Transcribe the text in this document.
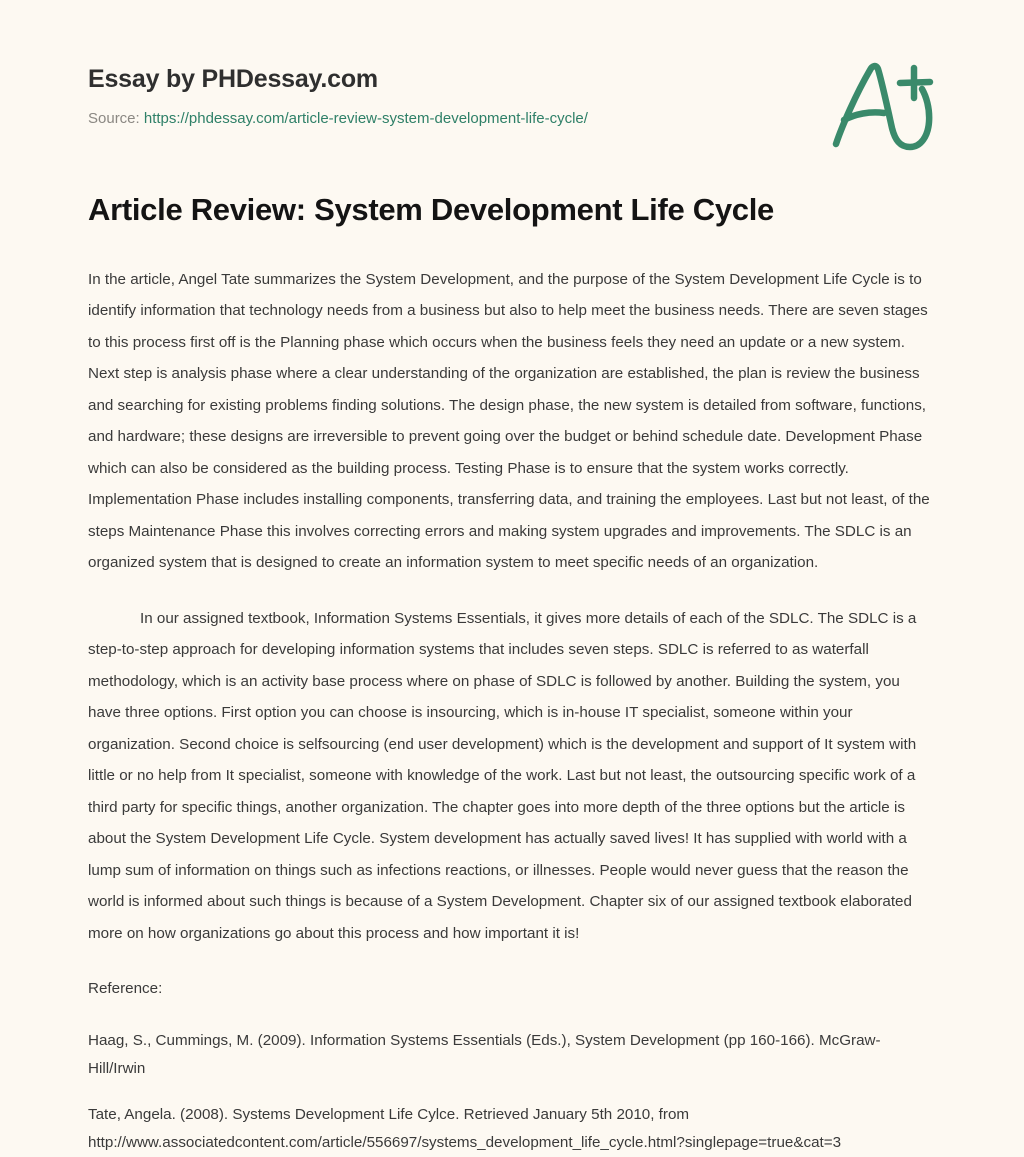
Essay by PHDessay.com
Source: https://phdessay.com/article-review-system-development-life-cycle/
Article Review: System Development Life Cycle

In the article, Angel Tate summarizes the System Development, and the purpose of the System Development Life Cycle is to identify information that technology needs from a business but also to help meet the business needs. There are seven stages to this process first off is the Planning phase which occurs when the business feels they need an update or a new system. Next step is analysis phase where a clear understanding of the organization are established, the plan is review the business and searching for existing problems finding solutions. The design phase, the new system is detailed from software, functions, and hardware; these designs are irreversible to prevent going over the budget or behind schedule date. Development Phase which can also be considered as the building process. Testing Phase is to ensure that the system works correctly. Implementation Phase includes installing components, transferring data, and training the employees. Last but not least, of the steps Maintenance Phase this involves correcting errors and making system upgrades and improvements. The SDLC is an organized system that is designed to create an information system to meet specific needs of an organization.

In our assigned textbook, Information Systems Essentials, it gives more details of each of the SDLC. The SDLC is a step-to-step approach for developing information systems that includes seven steps. SDLC is referred to as waterfall methodology, which is an activity base process where on phase of SDLC is followed by another. Building the system, you have three options. First option you can choose is insourcing, which is in-house IT specialist, someone within your organization. Second choice is selfsourcing (end user development) which is the development and support of It system with little or no help from It specialist, someone with knowledge of the work. Last but not least, the outsourcing specific work of a third party for specific things, another organization. The chapter goes into more depth of the three options but the article is about the System Development Life Cycle. System development has actually saved lives! It has supplied with world with a lump sum of information on things such as infections reactions, or illnesses. People would never guess that the reason the world is informed about such things is because of a System Development. Chapter six of our assigned textbook elaborated more on how organizations go about this process and how important it is!

Reference:

Haag, S., Cummings, M. (2009). Information Systems Essentials (Eds.), System Development (pp 160-166). McGraw-Hill/Irwin

Tate, Angela. (2008). Systems Development Life Cylce. Retrieved January 5th 2010, from http://www.associatedcontent.com/article/556697/systems_development_life_cycle.html?singlepage=true&cat=3
